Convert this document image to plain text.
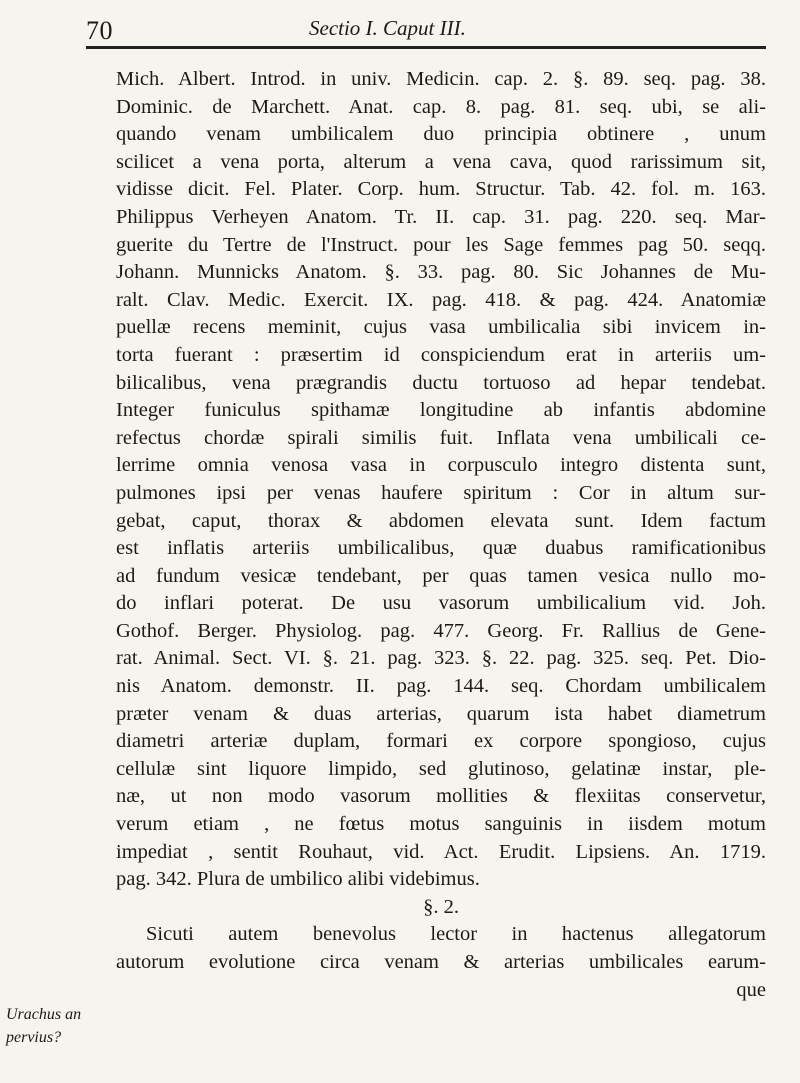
70	Sectio I. Caput III.
Mich. Albert. Introd. in univ. Medicin. cap. 2. §. 89. seq. pag. 38.
Dominic. de Marchett. Anat. cap. 8. pag. 81. seq. ubi, se ali-
quando venam umbilicalem duo principia obtinere , unum
scilicet a vena porta, alterum a vena cava, quod rarissimum sit,
vidisse dicit. Fel. Plater. Corp. hum. Structur. Tab. 42. fol. m. 163.
Philippus Verheyen Anatom. Tr. II. cap. 31. pag. 220. seq. Mar-
guerite du Tertre de l'Instruct. pour les Sage femmes pag 50. seqq.
Johann. Munnicks Anatom. §. 33. pag. 80. Sic Johannes de Mu-
ralt. Clav. Medic. Exercit. IX. pag. 418. & pag. 424. Anatomiæ
puellæ recens meminit, cujus vasa umbilicalia sibi invicem in-
torta fuerant : præsertim id conspiciendum erat in arteriis um-
bilicalibus, vena prægrandis ductu tortuoso ad hepar tendebat.
Integer funiculus spithamæ longitudine ab infantis abdomine
refectus chordæ spirali similis fuit. Inflata vena umbilicali ce-
lerrime omnia venosa vasa in corpusculo integro distenta sunt,
pulmones ipsi per venas haufere spiritum : Cor in altum sur-
gebat, caput, thorax & abdomen elevata sunt. Idem factum
est inflatis arteriis umbilicalibus, quæ duabus ramificationibus
ad fundum vesicæ tendebant, per quas tamen vesica nullo mo-
do inflari poterat. De usu vasorum umbilicalium vid. Joh.
Gothof. Berger. Physiolog. pag. 477. Georg. Fr. Rallius de Gene-
rat. Animal. Sect. VI. §. 21. pag. 323. §. 22. pag. 325. seq. Pet. Dio-
nis Anatom. demonstr. II. pag. 144. seq. Chordam umbilicalem
præter venam & duas arterias, quarum ista habet diametrum
diametri arteriæ duplam, formari ex corpore spongioso, cujus
cellulæ sint liquore limpido, sed glutinoso, gelatinæ instar, ple-
næ, ut non modo vasorum mollities & flexiitas conservetur,
verum etiam , ne fœtus motus sanguinis in iisdem motum
impediat , sentit Rouhaut, vid. Act. Erudit. Lipsiens. An. 1719.
pag. 342. Plura de umbilico alibi videbimus.
§. 2.
Sicuti autem benevolus lector in hactenus allegatorum
autorum evolutione circa venam & arterias umbilicales earum-
que
Urachus an
pervius?
